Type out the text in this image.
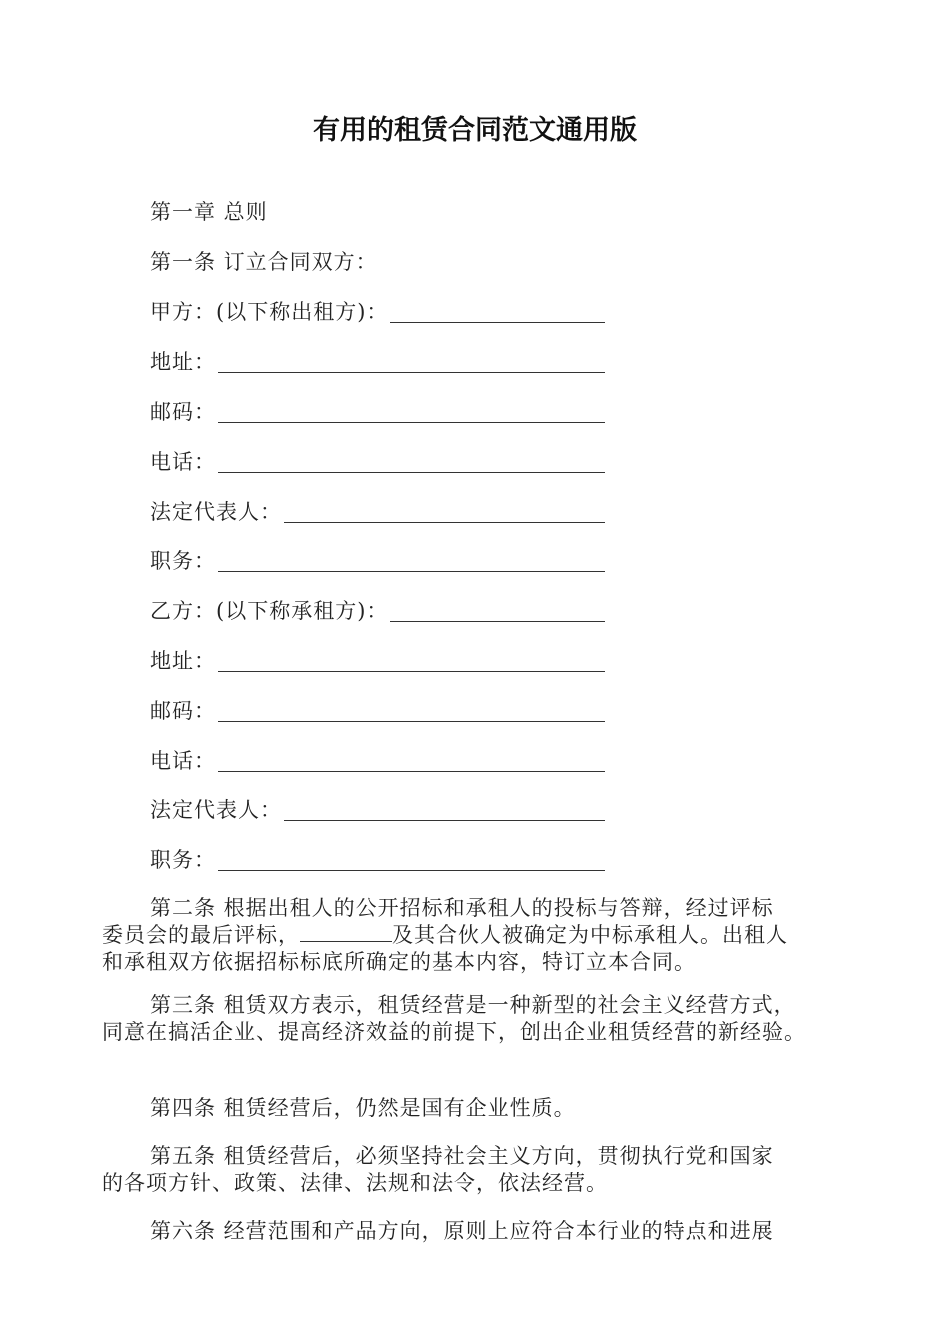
有用的租赁合同范文通用版
第一章 总则
第一条 订立合同双方：
甲方：(以下称出租方)：
地址：
邮码：
电话：
法定代表人：
职务：
乙方：(以下称承租方)：
地址：
邮码：
电话：
法定代表人：
职务：
第二条 根据出租人的公开招标和承租人的投标与答辩，经过评标
委员会的最后评标，	及其合伙人被确定为中标承租人。出租人
和承租双方依据招标标底所确定的基本内容，特订立本合同。
第三条 租赁双方表示，租赁经营是一种新型的社会主义经营方式，
同意在搞活企业、提高经济效益的前提下，创出企业租赁经营的新经验。
第四条 租赁经营后，仍然是国有企业性质。
第五条 租赁经营后，必须坚持社会主义方向，贯彻执行党和国家
的各项方针、政策、法律、法规和法令，依法经营。
第六条 经营范围和产品方向，原则上应符合本行业的特点和进展
